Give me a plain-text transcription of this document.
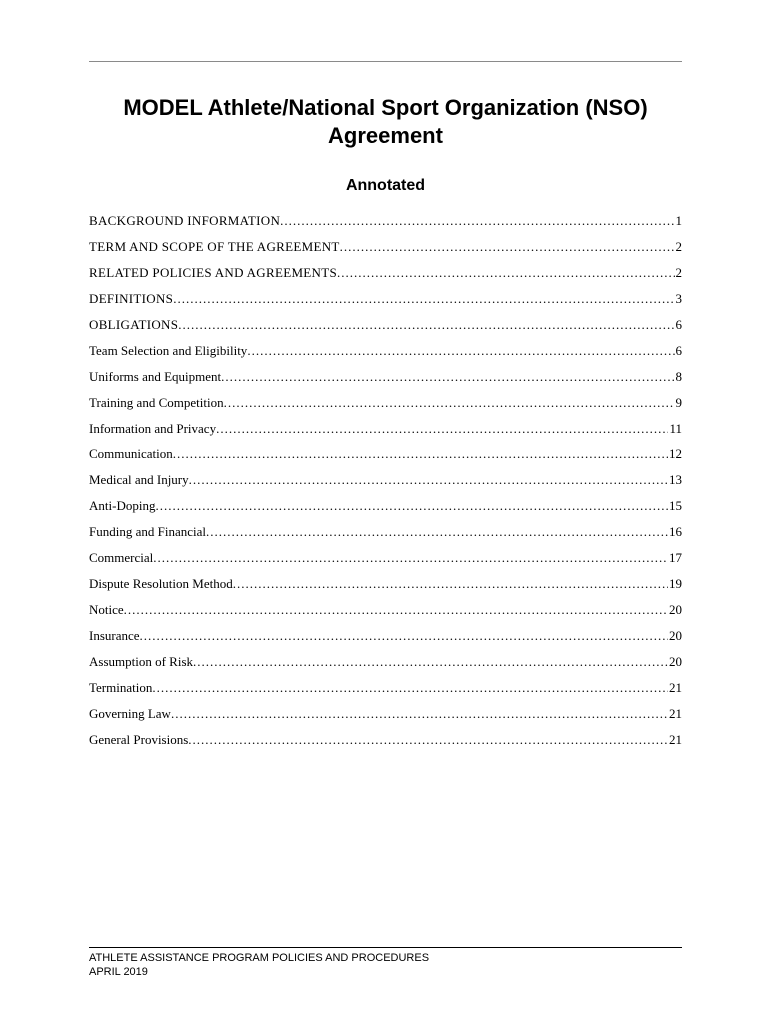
MODEL Athlete/National Sport Organization (NSO)
Agreement
Annotated
BACKGROUND INFORMATION .....	1
TERM AND SCOPE OF THE AGREEMENT .....	2
RELATED POLICIES AND AGREEMENTS .....	2
DEFINITIONS .....	3
OBLIGATIONS .....	6
Team Selection and Eligibility .....	6
Uniforms and Equipment .....	8
Training and Competition .....	9
Information and Privacy .....	11
Communication .....	12
Medical and Injury .....	13
Anti-Doping .....	15
Funding and Financial .....	16
Commercial .....	17
Dispute Resolution Method .....	19
Notice .....	20
Insurance .....	20
Assumption of Risk .....	20
Termination .....	21
Governing Law .....	21
General Provisions .....	21
ATHLETE ASSISTANCE PROGRAM POLICIES AND PROCEDURES
APRIL 2019
